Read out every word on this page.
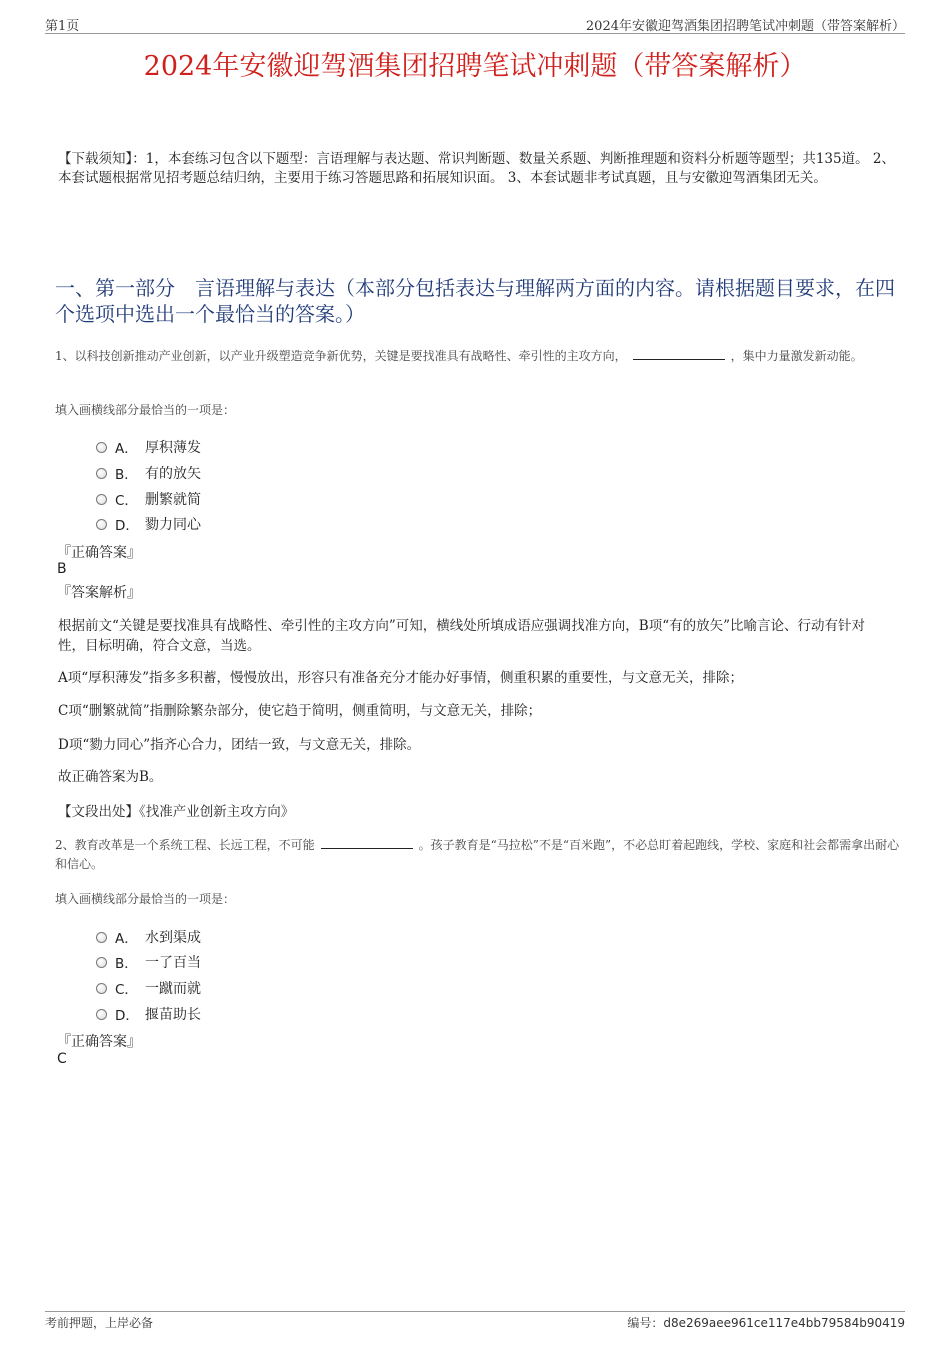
第1页	2024年安徽迎驾酒集团招聘笔试冲刺题（带答案解析）
2024年安徽迎驾酒集团招聘笔试冲刺题（带答案解析）
【下载须知】：1，本套练习包含以下题型：言语理解与表达题、常识判断题、数量关系题、判断推理题和资料分析题等题型；共135道。 2、本套试题根据常见招考题总结归纳，主要用于练习答题思路和拓展知识面。 3、本套试题非考试真题，且与安徽迎驾酒集团无关。
一、第一部分　言语理解与表达（本部分包括表达与理解两方面的内容。请根据题目要求，在四个选项中选出一个最恰当的答案。）
1、以科技创新推动产业创新，以产业升级塑造竞争新优势，关键是要找准具有战略性、牵引性的主攻方向，	，集中力量激发新动能。
填入画横线部分最恰当的一项是：
A． 厚积薄发
B． 有的放矢
C． 删繁就简
D． 勠力同心
『正确答案』
B
『答案解析』
根据前文“关键是要找准具有战略性、牵引性的主攻方向”可知，横线处所填成语应强调找准方向，B项“有的放矢”比喻言论、行动有针对性，目标明确，符合文意，当选。
A项“厚积薄发”指多多积蓄，慢慢放出，形容只有准备充分才能办好事情，侧重积累的重要性，与文意无关，排除；
C项“删繁就简”指删除繁杂部分，使它趋于简明，侧重简明，与文意无关，排除；
D项“勠力同心”指齐心合力，团结一致，与文意无关，排除。
故正确答案为B。
【文段出处】《找准产业创新主攻方向》
2、教育改革是一个系统工程、长远工程，不可能	。孩子教育是“马拉松”不是“百米跑”，不必总盯着起跑线，学校、家庭和社会都需拿出耐心和信心。
填入画横线部分最恰当的一项是：
A． 水到渠成
B． 一了百当
C． 一蹴而就
D． 揠苗助长
『正确答案』
C
考前押题，上岸必备	编号：d8e269aee961ce117e4bb79584b90419
